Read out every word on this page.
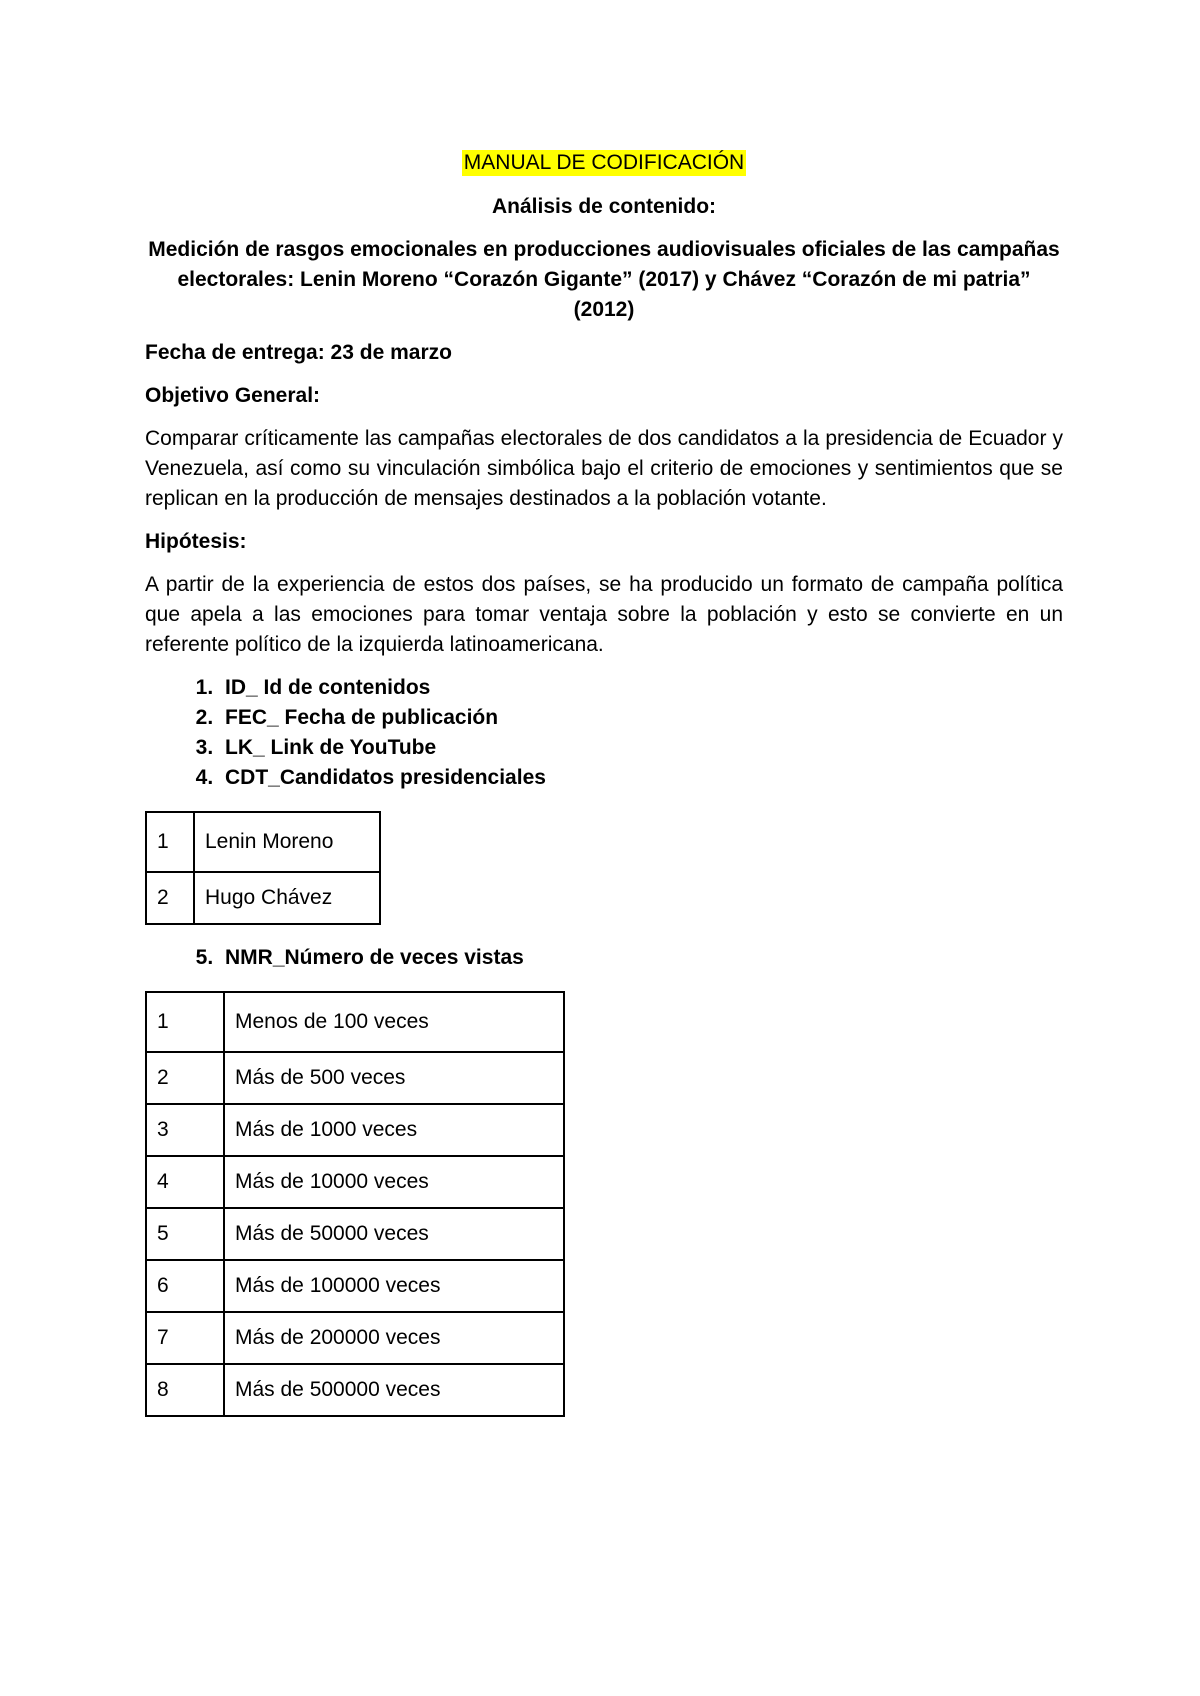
MANUAL DE CODIFICACIÓN
Análisis de contenido:
Medición de rasgos emocionales en producciones audiovisuales oficiales de las campañas
electorales: Lenin Moreno “Corazón Gigante” (2017) y Chávez “Corazón de mi patria”
(2012)
Fecha de entrega: 23 de marzo
Objetivo General:
Comparar críticamente las campañas electorales de dos candidatos a la presidencia de Ecuador y Venezuela, así como su vinculación simbólica bajo el criterio de emociones y sentimientos que se replican en la producción de mensajes destinados a la población votante.
Hipótesis:
A partir de la experiencia de estos dos países, se ha producido un formato de campaña política que apela a las emociones para tomar ventaja sobre la población y esto se convierte en un referente político de la izquierda latinoamericana.
1. ID_ Id de contenidos
2. FEC_ Fecha de publicación
3. LK_ Link de YouTube
4. CDT_Candidatos presidenciales
1	Lenin Moreno
2	Hugo Chávez
5. NMR_Número de veces vistas
1	Menos de 100 veces
2	Más de 500 veces
3	Más de 1000 veces
4	Más de 10000 veces
5	Más de 50000 veces
6	Más de 100000 veces
7	Más de 200000 veces
8	Más de 500000 veces
